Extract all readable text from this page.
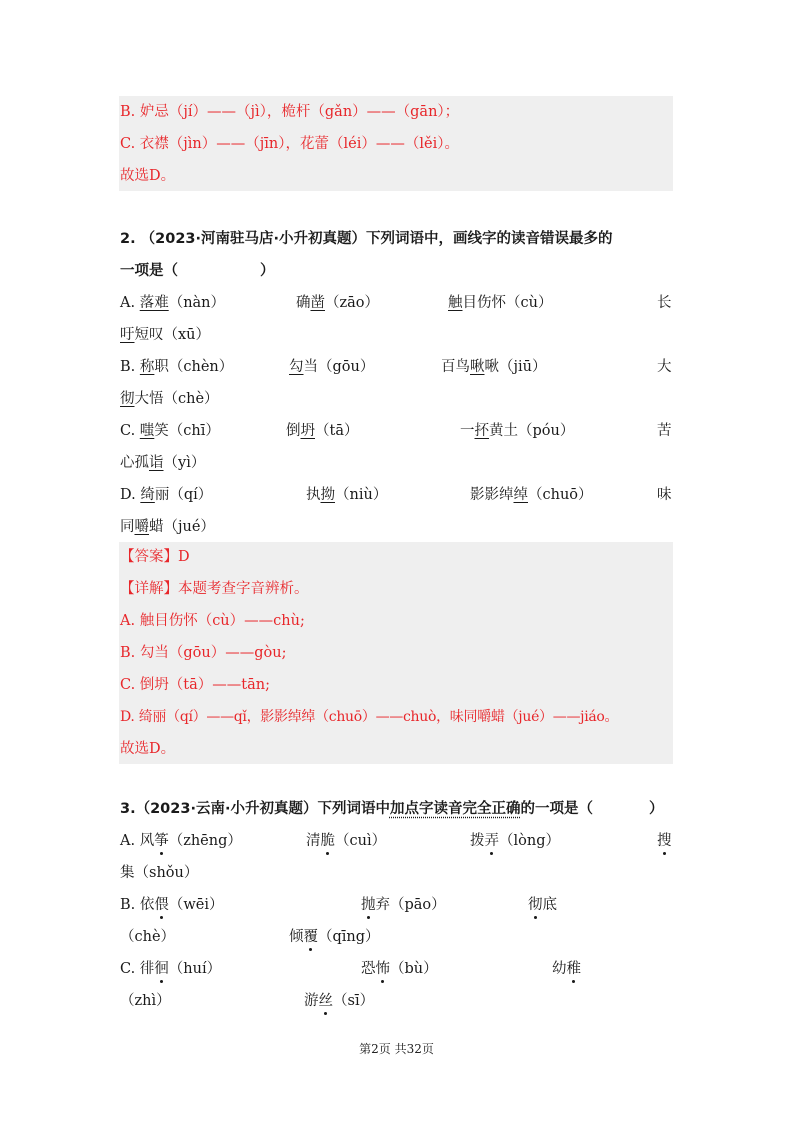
B. 妒忌（jí）——（jì），桅杆（gǎn）——（gān）；
C. 衣襟（jìn）——（jīn），花蕾（léi）——（lěi）。
故选D。
2. （2023·河南驻马店·小升初真题）下列词语中，画线字的读音错误最多的
一项是（	）
A. 落难（nàn）	确凿（zāo）	触目伤怀（cù）	长
吁短叹（xū）
B. 称职（chèn）	勾当（gōu）	百鸟啾啾（jiū）	大
彻大悟（chè）
C. 嗤笑（chī）	倒坍（tā）	一抔黄土（póu）	苦
心孤诣（yì）
D. 绮丽（qí）	执拗（niù）	影影绰绰（chuō）	味
同嚼蜡（jué）
【答案】D
【详解】本题考查字音辨析。
A. 触目伤怀（cù）——chù;
B. 勾当（gōu）——gòu;
C. 倒坍（tā）——tān;
D. 绮丽（qí）——qǐ，影影绰绰（chuō）——chuò，味同嚼蜡（jué）——jiáo。
故选D。
3.（2023·云南·小升初真题）下列词语中加点字读音完全正确的一项是（	）
A. 风筝（zhēng）	清脆（cuì）	拨弄（lòng）	搜
集（shǒu）
B. 依偎（wēi）	抛弃（pāo）	彻底
（chè）	倾覆（qīng）
C. 徘徊（huí）	恐怖（bù）	幼稚
（zhì）	游丝（sī）
第2页 共32页
